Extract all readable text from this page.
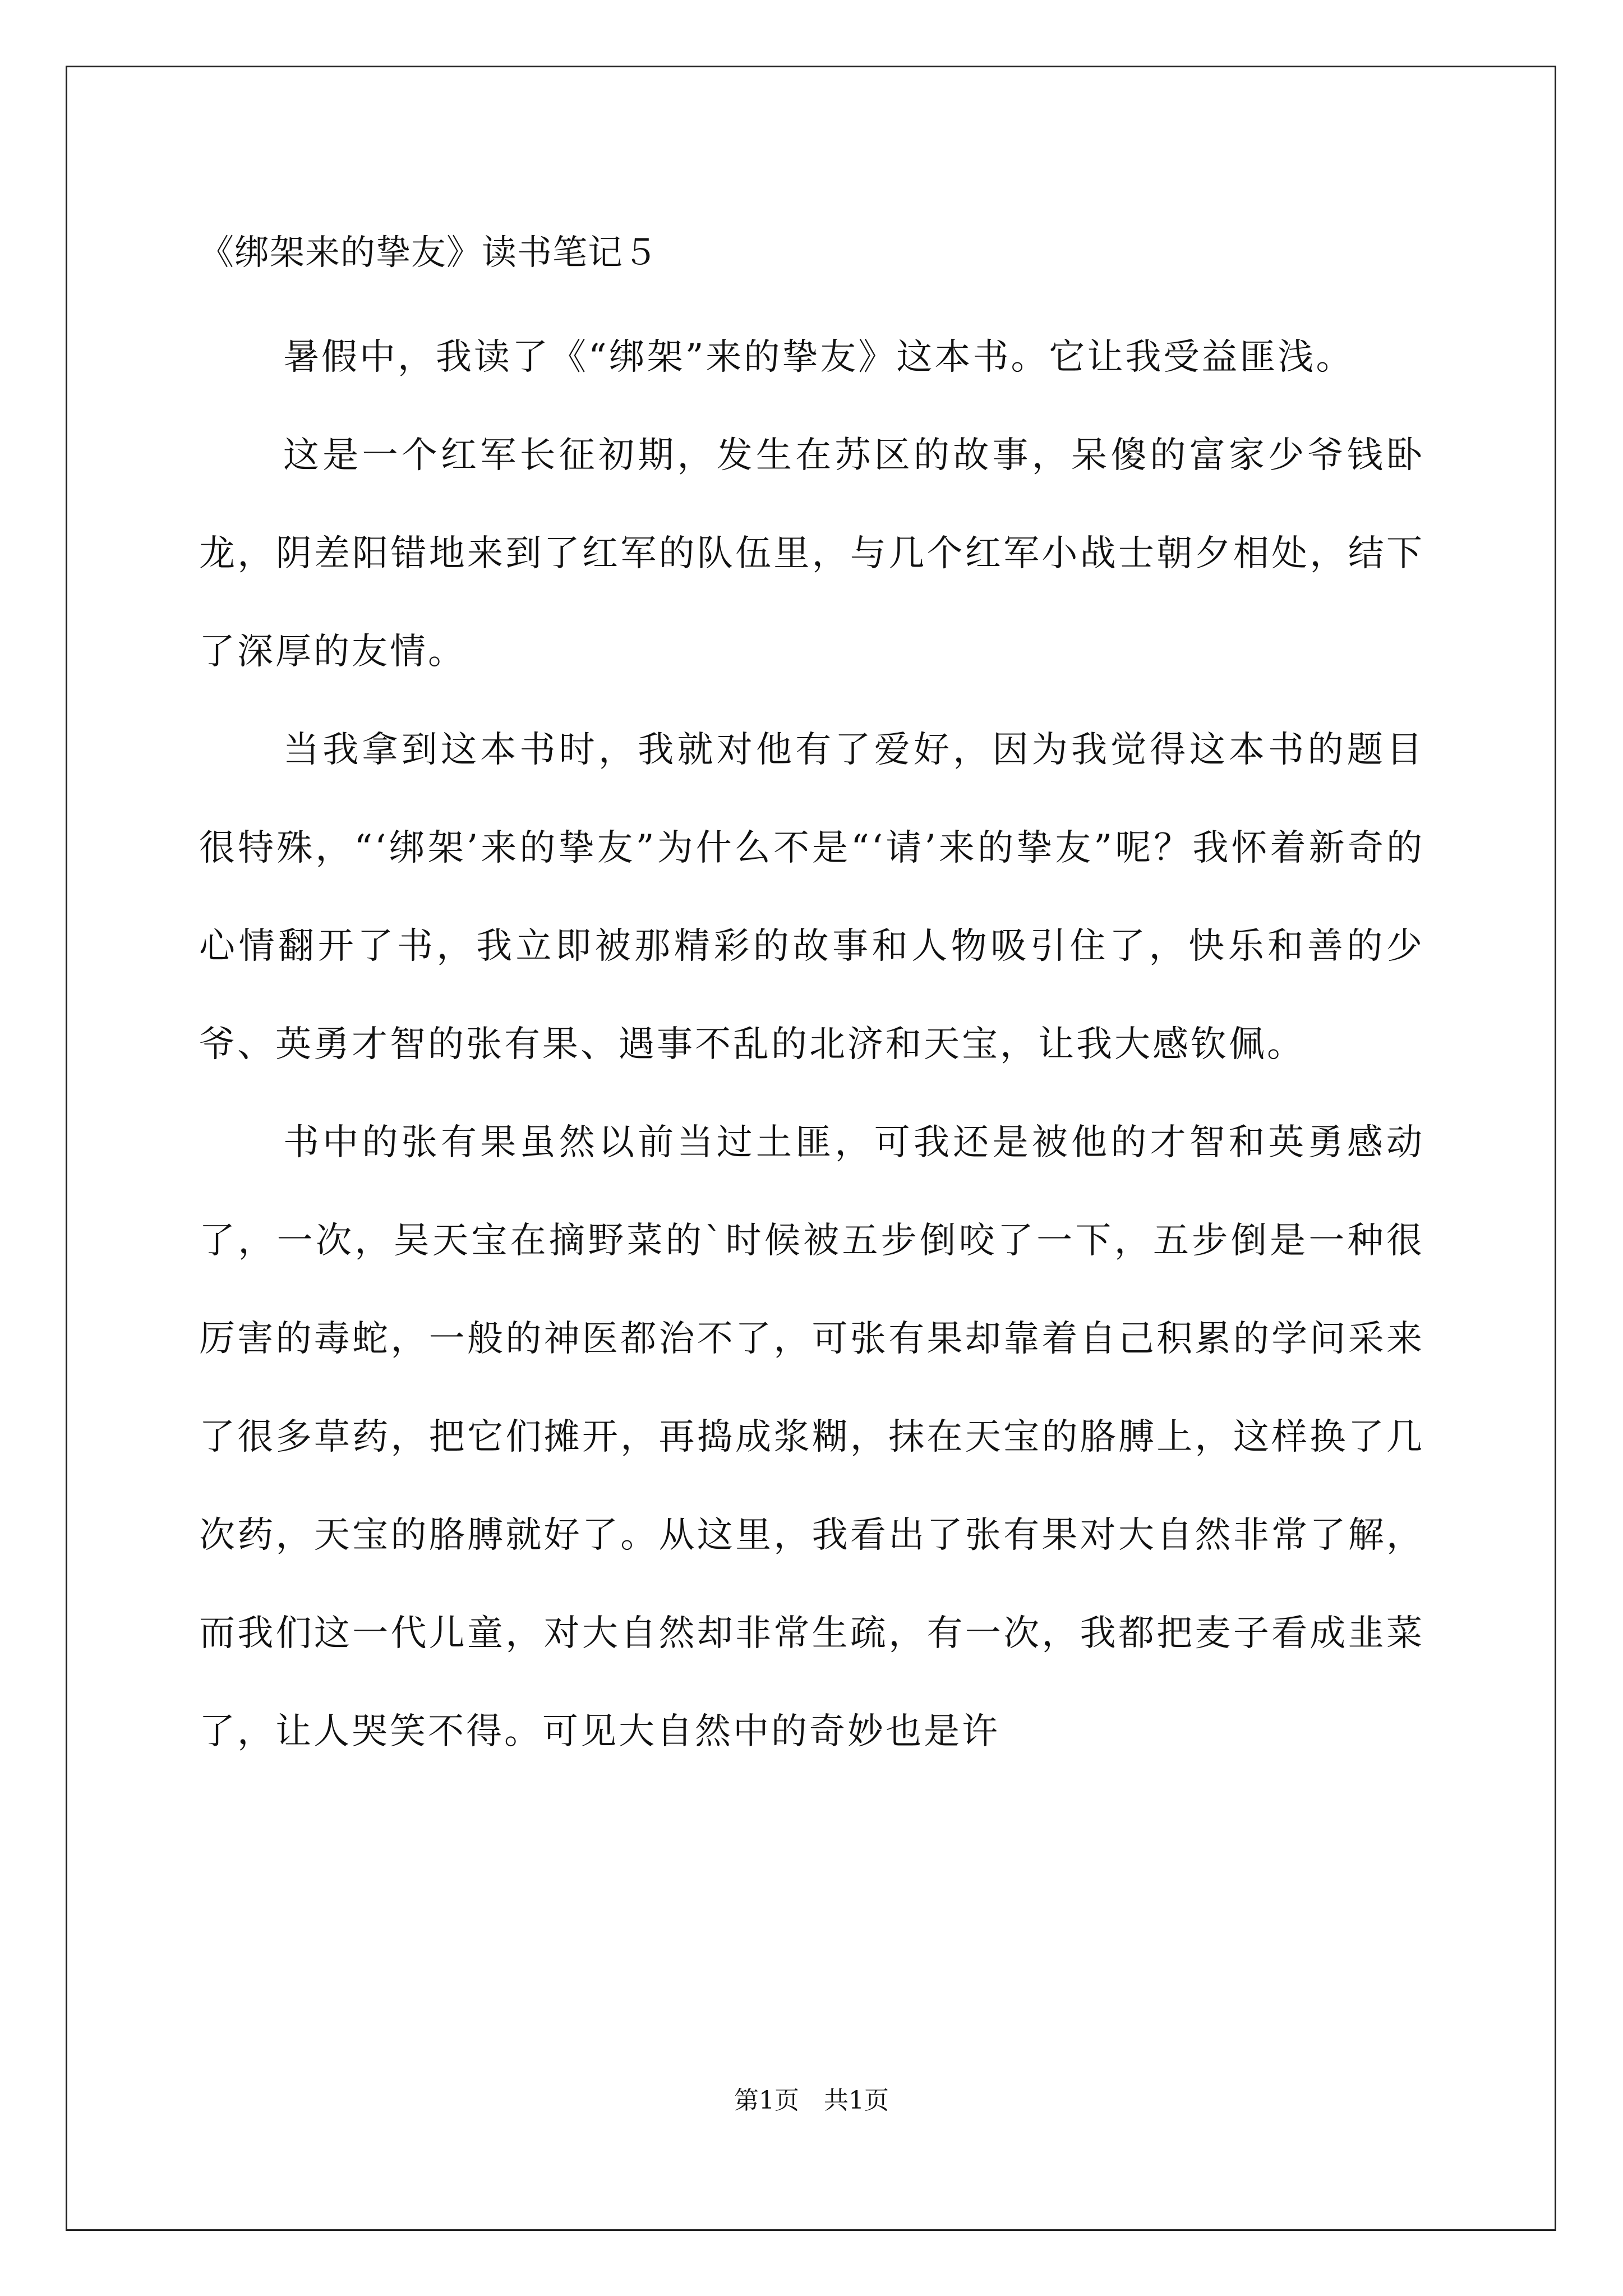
《绑架来的挚友》读书笔记５

暑假中，我读了《“绑架”来的挚友》这本书。它让我受益匪浅。

这是一个红军长征初期，发生在苏区的故事，呆傻的富家少爷钱卧龙，阴差阳错地来到了红军的队伍里，与几个红军小战士朝夕相处，结下了深厚的友情。

当我拿到这本书时，我就对他有了爱好，因为我觉得这本书的题目很特殊，“‘绑架’来的挚友”为什么不是“‘请’来的挚友”呢？我怀着新奇的心情翻开了书，我立即被那精彩的故事和人物吸引住了，快乐和善的少爷、英勇才智的张有果、遇事不乱的北济和天宝，让我大感钦佩。

书中的张有果虽然以前当过土匪，可我还是被他的才智和英勇感动了，一次，吴天宝在摘野菜的`时候被五步倒咬了一下，五步倒是一种很厉害的毒蛇，一般的神医都治不了，可张有果却靠着自己积累的学问采来了很多草药，把它们摊开，再捣成浆糊，抹在天宝的胳膊上，这样换了几次药，天宝的胳膊就好了。从这里，我看出了张有果对大自然非常了解，而我们这一代儿童，对大自然却非常生疏，有一次，我都把麦子看成韭菜了，让人哭笑不得。可见大自然中的奇妙也是许

第1页　共1页
